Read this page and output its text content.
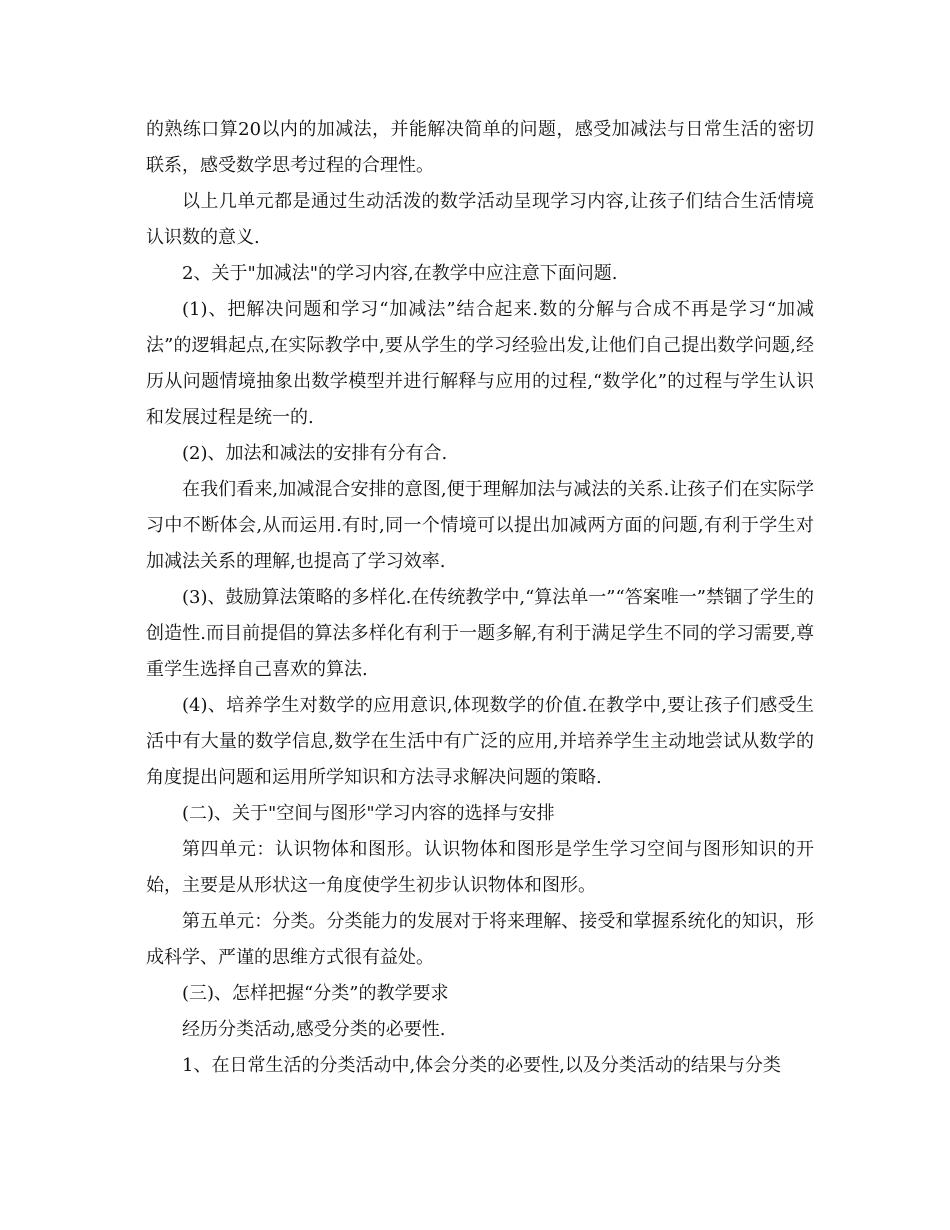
的熟练口算20以内的加减法，并能解决简单的问题，感受加减法与日常生活的密切联系，感受数学思考过程的合理性。

以上几单元都是通过生动活泼的数学活动呈现学习内容,让孩子们结合生活情境认识数的意义.

2、关于"加减法"的学习内容,在教学中应注意下面问题.

(1)、把解决问题和学习“加减法”结合起来.数的分解与合成不再是学习“加减法”的逻辑起点,在实际教学中,要从学生的学习经验出发,让他们自己提出数学问题,经历从问题情境抽象出数学模型并进行解释与应用的过程,“数学化”的过程与学生认识和发展过程是统一的.

(2)、加法和减法的安排有分有合.

在我们看来,加减混合安排的意图,便于理解加法与减法的关系.让孩子们在实际学习中不断体会,从而运用.有时,同一个情境可以提出加减两方面的问题,有利于学生对加减法关系的理解,也提高了学习效率.

(3)、鼓励算法策略的多样化.在传统教学中,“算法单一”“答案唯一”禁锢了学生的创造性.而目前提倡的算法多样化有利于一题多解,有利于满足学生不同的学习需要,尊重学生选择自己喜欢的算法.

(4)、培养学生对数学的应用意识,体现数学的价值.在教学中,要让孩子们感受生活中有大量的数学信息,数学在生活中有广泛的应用,并培养学生主动地尝试从数学的角度提出问题和运用所学知识和方法寻求解决问题的策略.

(二)、关于"空间与图形"学习内容的选择与安排

第四单元：认识物体和图形。认识物体和图形是学生学习空间与图形知识的开始，主要是从形状这一角度使学生初步认识物体和图形。

第五单元：分类。分类能力的发展对于将来理解、接受和掌握系统化的知识，形成科学、严谨的思维方式很有益处。

(三)、怎样把握“分类”的教学要求

经历分类活动,感受分类的必要性.

1、在日常生活的分类活动中,体会分类的必要性,以及分类活动的结果与分类
